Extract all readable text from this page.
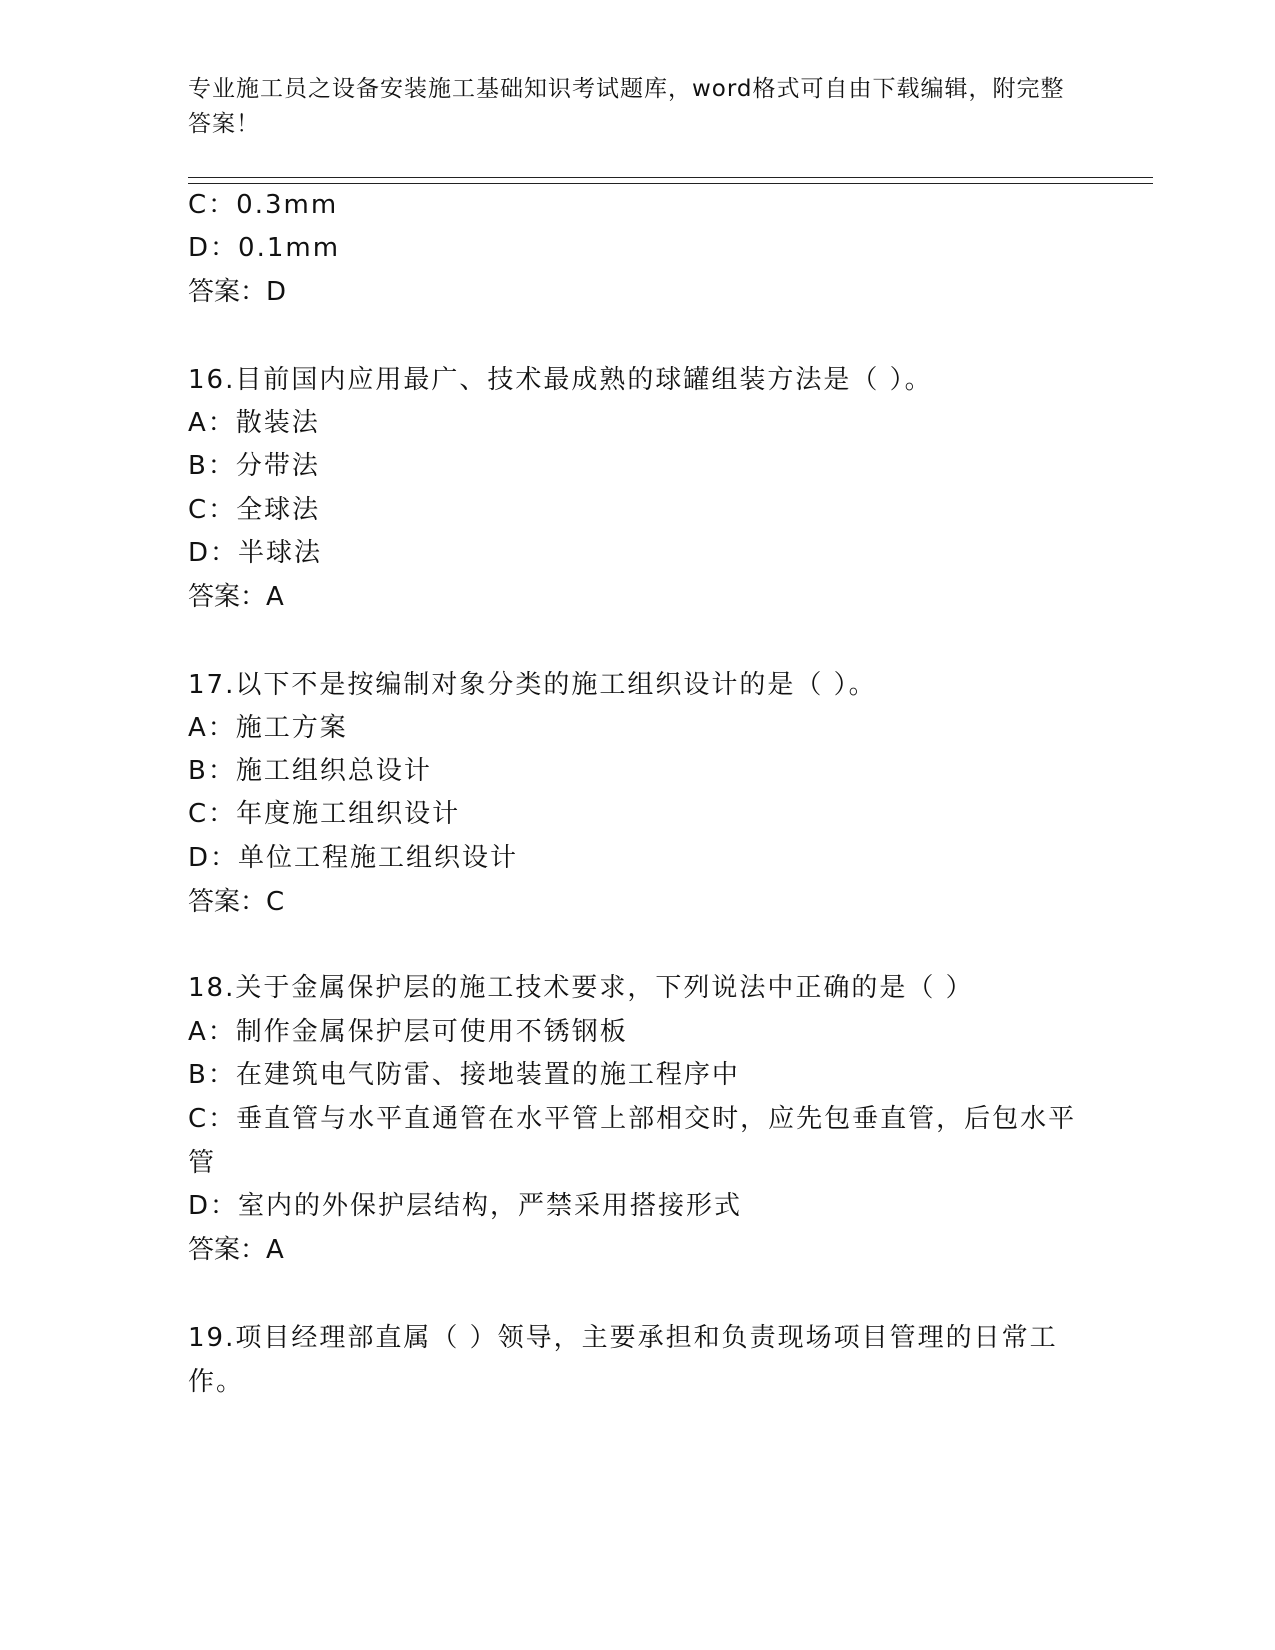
专业施工员之设备安装施工基础知识考试题库，word格式可自由下载编辑，附完整答案！
C：0.3mm
D：0.1mm
答案：D
16.目前国内应用最广、技术最成熟的球罐组装方法是（ ）。
A：散装法
B：分带法
C：全球法
D：半球法
答案：A
17.以下不是按编制对象分类的施工组织设计的是（ ）。
A：施工方案
B：施工组织总设计
C：年度施工组织设计
D：单位工程施工组织设计
答案：C
18.关于金属保护层的施工技术要求，下列说法中正确的是（ ）
A：制作金属保护层可使用不锈钢板
B：在建筑电气防雷、接地装置的施工程序中
C：垂直管与水平直通管在水平管上部相交时，应先包垂直管，后包水平管
D：室内的外保护层结构，严禁采用搭接形式
答案：A
19.项目经理部直属（ ）领导，主要承担和负责现场项目管理的日常工作。
